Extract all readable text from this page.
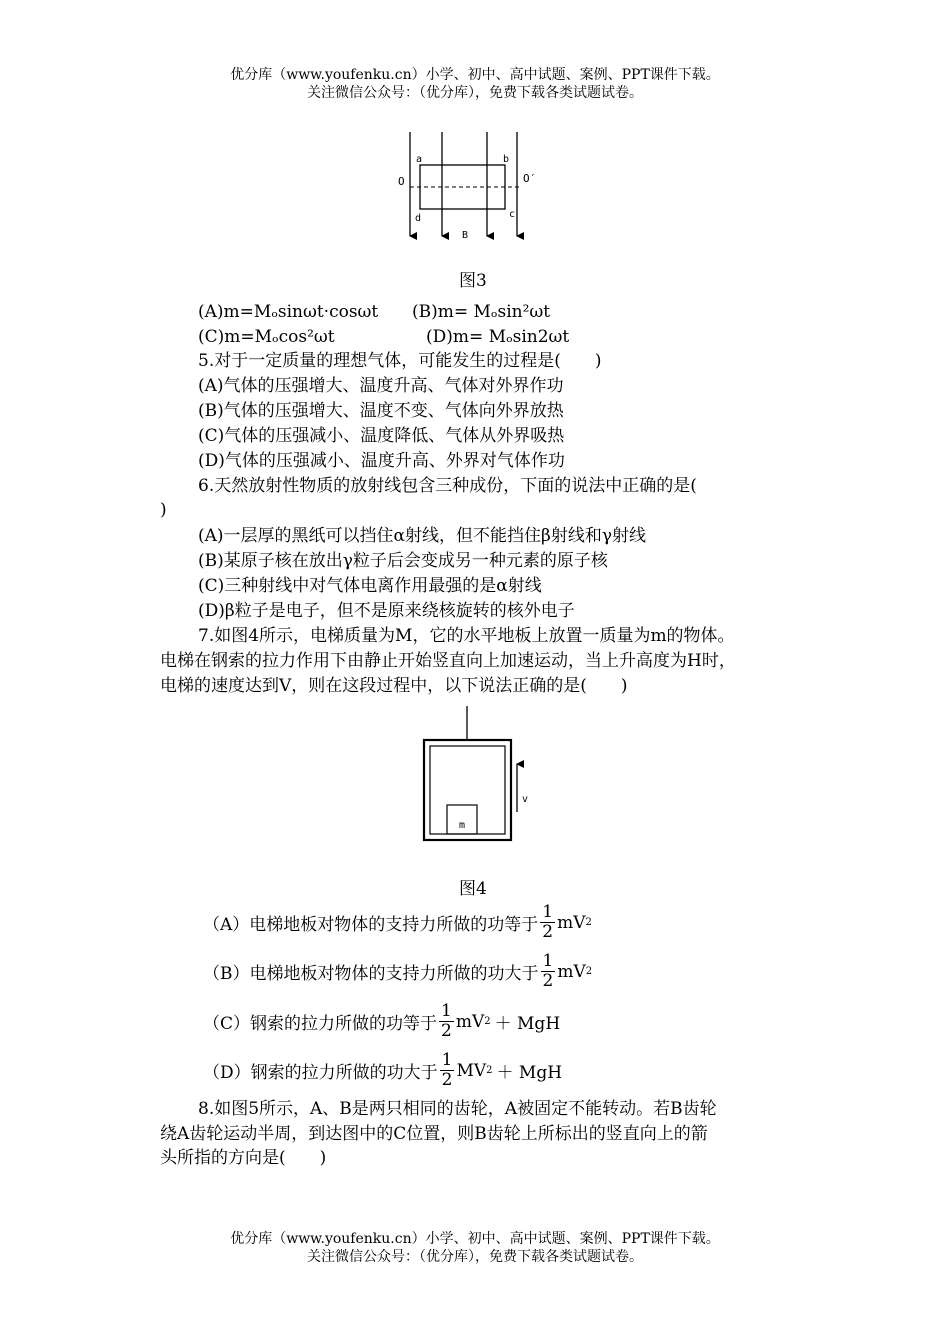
优分库（www.youfenku.cn）小学、初中、高中试题、案例、PPT课件下载。
关注微信公众号：（优分库），免费下载各类试题试卷。
a	b
c
d
O	O′
B
图3
(A)m=Mₒsinωt·cosωt (B)m= Mₒsin²ωt
(C)m=Mₒcos²ωt	(D)m= Mₒsin2ωt
5.对于一定质量的理想气体，可能发生的过程是(　　)
(A)气体的压强增大、温度升高、气体对外界作功
(B)气体的压强增大、温度不变、气体向外界放热
(C)气体的压强减小、温度降低、气体从外界吸热
(D)气体的压强减小、温度升高、外界对气体作功
6.天然放射性物质的放射线包含三种成份，下面的说法中正确的是(
)
(A)一层厚的黑纸可以挡住α射线，但不能挡住β射线和γ射线
(B)某原子核在放出γ粒子后会变成另一种元素的原子核
(C)三种射线中对气体电离作用最强的是α射线
(D)β粒子是电子，但不是原来绕核旋转的核外电子
7.如图4所示，电梯质量为M，它的水平地板上放置一质量为m的物体。
电梯在钢索的拉力作用下由静止开始竖直向上加速运动，当上升高度为H时，
电梯的速度达到V，则在这段过程中，以下说法正确的是(　　)
m
v
图4
（A）电梯地板对物体的支持力所做的功等于 $\frac{1}{2}$ mV 2
（B）电梯地板对物体的支持力所做的功大于 $\frac{1}{2}$ mV 2
（C）钢索的拉力所做的功等于 $\frac{1}{2}$ mV 2 ＋ MgH
（D）钢索的拉力所做的功大于 $\frac{1}{2}$ MV 2 ＋ MgH
8.如图5所示，A、B是两只相同的齿轮，A被固定不能转动。若B齿轮
绕A齿轮运动半周，到达图中的C位置，则B齿轮上所标出的竖直向上的箭
头所指的方向是(　　)
优分库（www.youfenku.cn）小学、初中、高中试题、案例、PPT课件下载。
关注微信公众号：（优分库），免费下载各类试题试卷。
